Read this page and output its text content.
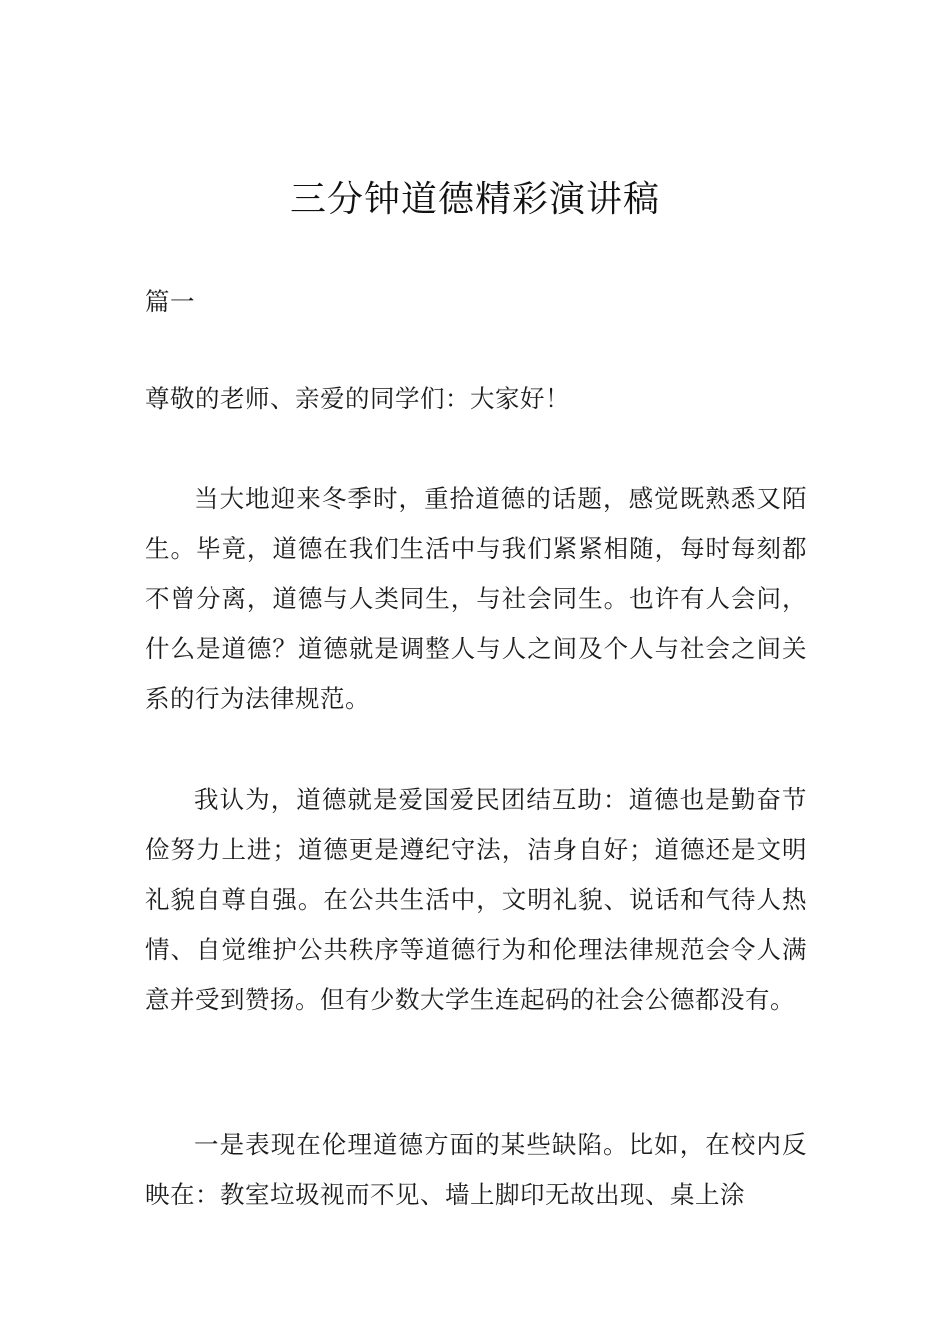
三分钟道德精彩演讲稿

篇一

尊敬的老师、亲爱的同学们：大家好！

当大地迎来冬季时，重拾道德的话题，感觉既熟悉又陌生。毕竟，道德在我们生活中与我们紧紧相随，每时每刻都不曾分离，道德与人类同生，与社会同生。也许有人会问，什么是道德？道德就是调整人与人之间及个人与社会之间关系的行为法律规范。

我认为，道德就是爱国爱民团结互助：道德也是勤奋节俭努力上进；道德更是遵纪守法，洁身自好；道德还是文明礼貌自尊自强。在公共生活中，文明礼貌、说话和气待人热情、自觉维护公共秩序等道德行为和伦理法律规范会令人满意并受到赞扬。但有少数大学生连起码的社会公德都没有。

一是表现在伦理道德方面的某些缺陷。比如，在校内反映在：教室垃圾视而不见、墙上脚印无故出现、桌上涂
